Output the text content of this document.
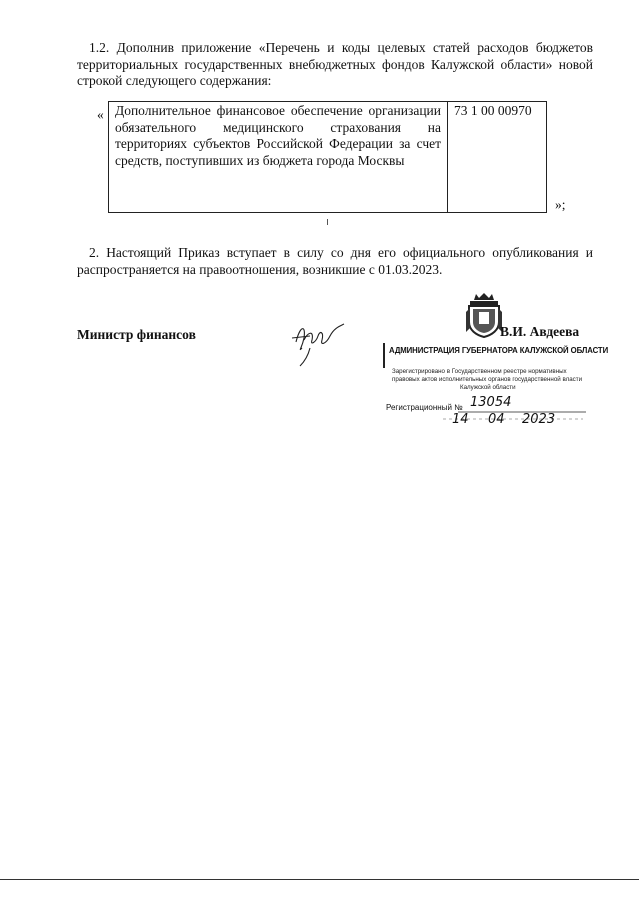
1.2. Дополнив приложение «Перечень и коды целевых статей расходов бюджетов территориальных государственных внебюджетных фондов Калужской области» новой строкой следующего содержания:
« Дополнительное финансовое обеспечение организации обязательного медицинского страхования на территориях субъектов Российской Федерации за счет средств, поступивших из бюджета города Москвы	73 1 00 00970
»;
2. Настоящий Приказ вступает в силу со дня его официального опубликования и распространяется на правоотношения, возникшие с 01.03.2023.
Министр финансов	В.И. Авдеева
АДМИНИСТРАЦИЯ ГУБЕРНАТОРА КАЛУЖСКОЙ ОБЛАСТИ
Зарегистрировано в Государственном реестре нормативных
правовых актов исполнительных органов государственной власти
Калужской области
Регистрационный № 13054
14 04 2023
